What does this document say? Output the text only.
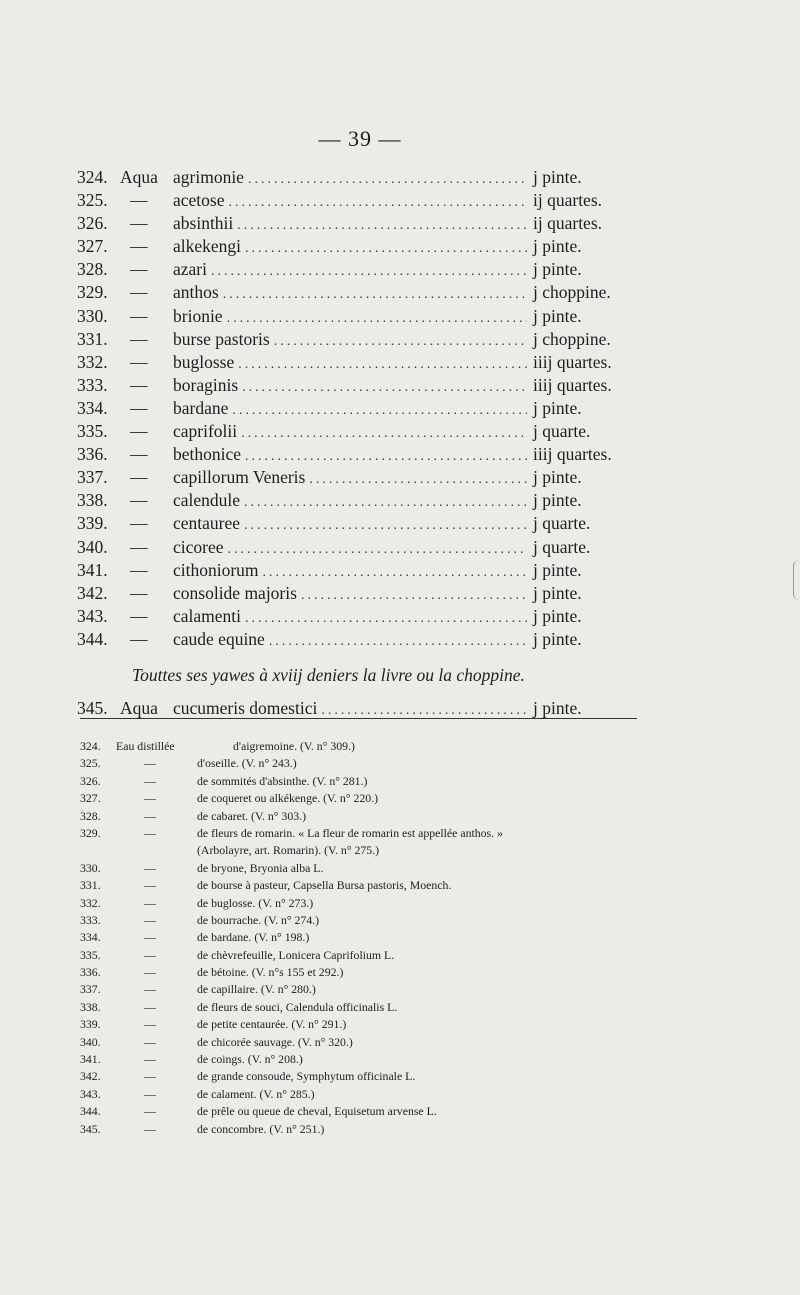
— 39 —
324. Aqua agrimonie .....	j pinte.
325.	—	acetose .....	ij quartes.
326.	—	absinthii .....	ij quartes.
327.	—	alkekengi .....	j pinte.
328.	—	azari .....	j pinte.
329.	—	anthos .....	j choppine.
330.	—	brionie .....	j pinte.
331.	—	burse pastoris .....	j choppine.
332.	—	buglosse .....	iiij quartes.
333.	—	boraginis .....	iiij quartes.
334.	—	bardane .....	j pinte.
335.	—	caprifolii .....	j quarte.
336.	—	bethonice .....	iiij quartes.
337.	—	capillorum Veneris .....	j pinte.
338.	—	calendule .....	j pinte.
339.	—	centauree .....	j quarte.
340.	—	cicoree .....	j quarte.
341.	—	cithoniorum .....	j pinte.
342.	—	consolide majoris .....	j pinte.
343.	—	calamenti .....	j pinte.
344.	—	caude equine .....	j pinte.
Touttes ses yawes à xviij deniers la livre ou la choppine.
345. Aqua cucumeris domestici .....	j pinte.
324.	Eau distillée	d'aigremoine. (V. n° 309.)
325.	—	d'oseille. (V. n° 243.)
326.	—	de sommités d'absinthe. (V. n° 281.)
327.	—	de coqueret ou alkékenge. (V. n° 220.)
328.	—	de cabaret. (V. n° 303.)
329.	—	de fleurs de romarin. « La fleur de romarin est appellée anthos. »
(Arbolayre, art. Romarin). (V. n° 275.)
330.	—	de bryone, Bryonia alba L.
331.	—	de bourse à pasteur, Capsella Bursa pastoris, Moench.
332.	—	de buglosse. (V. n° 273.)
333.	—	de bourrache. (V. n° 274.)
334.	—	de bardane. (V. n° 198.)
335.	—	de chèvrefeuille, Lonicera Caprifolium L.
336.	—	de bétoine. (V. n°s 155 et 292.)
337.	—	de capillaire. (V. n° 280.)
338.	—	de fleurs de souci, Calendula officinalis L.
339.	—	de petite centaurée. (V. n° 291.)
340.	—	de chicorée sauvage. (V. n° 320.)
341.	—	de coings. (V. n° 208.)
342.	—	de grande consoude, Symphytum officinale L.
343.	—	de calament. (V. n° 285.)
344.	—	de prêle ou queue de cheval, Equisetum arvense L.
345.	—	de concombre. (V. n° 251.)
